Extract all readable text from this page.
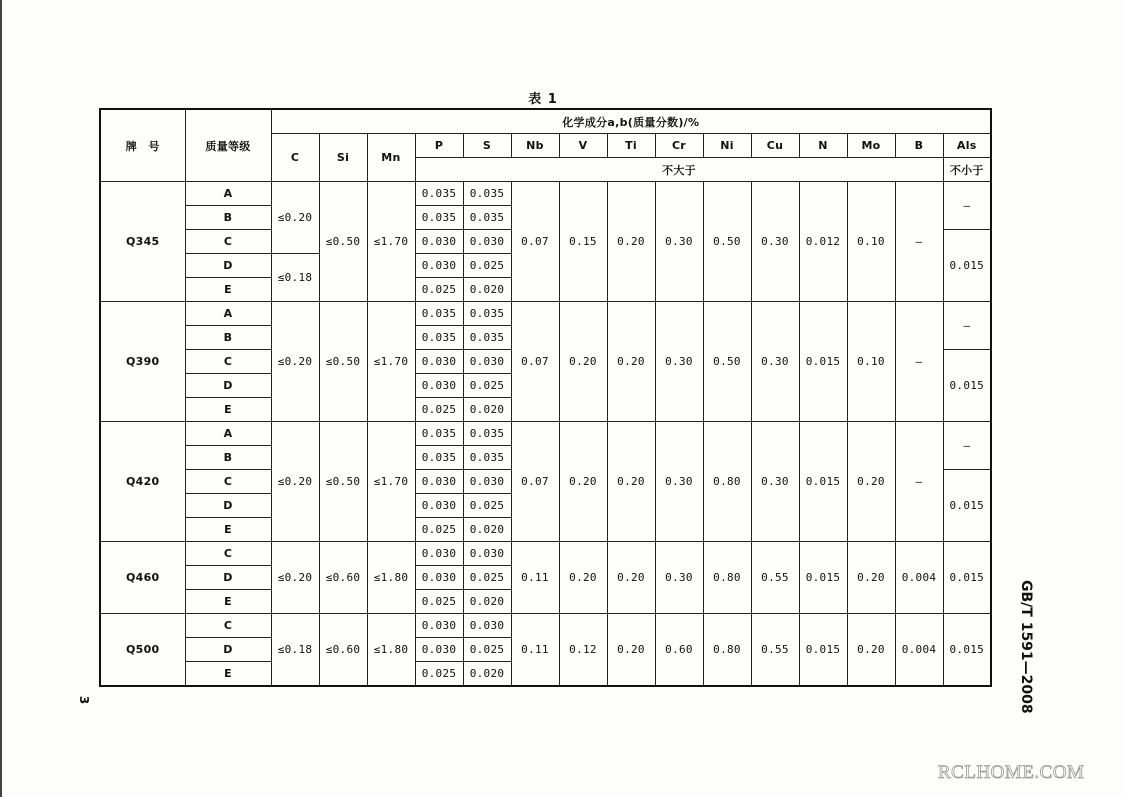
表 1
牌　号	质量等级	化学成分a,b(质量分数)/%														
		C	Si	Mn	P	S	Nb	V	Ti	Cr	Ni	Cu	N	Mo	B	Als
					不大于											不小于
Q345	A	≤0.20	≤0.50	≤1.70	0.035	0.035	0.07	0.15	0.20	0.30	0.50	0.30	0.012	0.10	—	—
	B				0.035	0.035										
	C				0.030	0.030										0.015
	D	≤0.18			0.030	0.025										
	E				0.025	0.020										
Q390	A	≤0.20	≤0.50	≤1.70	0.035	0.035	0.07	0.20	0.20	0.30	0.50	0.30	0.015	0.10	—	—
	B				0.035	0.035										
	C				0.030	0.030										0.015
	D				0.030	0.025										
	E				0.025	0.020										
Q420	A	≤0.20	≤0.50	≤1.70	0.035	0.035	0.07	0.20	0.20	0.30	0.80	0.30	0.015	0.20	—	—
	B				0.035	0.035										
	C				0.030	0.030										0.015
	D				0.030	0.025										
	E				0.025	0.020										
Q460	C	≤0.20	≤0.60	≤1.80	0.030	0.030	0.11	0.20	0.20	0.30	0.80	0.55	0.015	0.20	0.004	0.015
	D				0.030	0.025										
	E				0.025	0.020										
Q500	C	≤0.18	≤0.60	≤1.80	0.030	0.030	0.11	0.12	0.20	0.60	0.80	0.55	0.015	0.20	0.004	0.015
	D				0.030	0.025										
	E				0.025	0.020											GB/T 1591—2008
3
RCLHOME.COM
